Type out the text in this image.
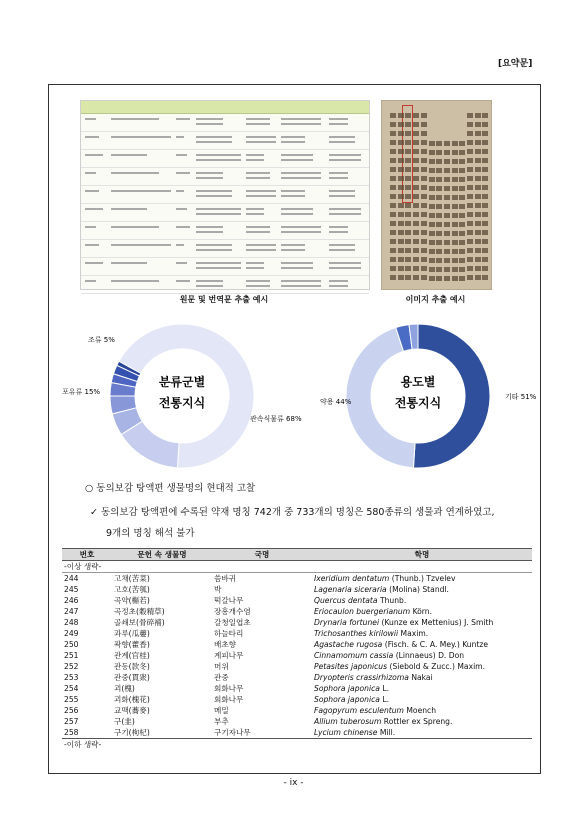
[요약문]
원문 및 번역문 추출 예시	이미지 추출 예시
분류군별
전통지식
관속식물류 68%
포유류 15%
조류 5%
용도별
전통지식	기타 51%
약용 44%
○ 동의보감 탕액편 생물명의 현대적 고찰
✓ 동의보감 탕액편에 수록된 약재 명칭 742개 중 733개의 명칭은 580종류의 생물과 연계하였고,
9개의 명칭 해석 불가
번호	문헌 속 생물명	국명	학명
-이상 생략-			
244	고채(苦菜)	씀바귀	Ixeridium dentatum (Thunb.) Tzvelev
245	고호(苦瓠)	박	Lagenaria siceraria (Molina) Standl.
246	곡약(槲若)	떡갈나무	Quercus dentata Thunb.
247	곡정초(穀精草)	장흥개수염	Eriocaulon buergerianum Körn.
248	골쇄보(骨碎補)	갈청일엽초	Drynaria fortunei (Kunze ex Mettenius) J. Smith
249	과루(瓜蔞)	하늘타리	Trichosanthes kirilowii Maxim.
250	곽향(藿香)	배초향	Agastache rugosa (Fisch. & C. A. Mey.) Kuntze
251	관계(官桂)	계피나무	Cinnamomum cassia (Linnaeus) D. Don
252	관동(款冬)	머위	Petasites japonicus (Siebold & Zucc.) Maxim.
253	관중(貫衆)	관중	Dryopteris crassirhizoma Nakai
254	괴(槐)	회화나무	Sophora japonica L.
255	괴화(槐花)	회화나무	Sophora japonica L.
256	교맥(蕎麥)	메밀	Fagopyrum esculentum Moench
257	구(韭)	부추	Allium tuberosum Rottler ex Spreng.
258	구기(枸杞)	구기자나무	Lycium chinense Mill.
-이하 생략-			
- ix -
